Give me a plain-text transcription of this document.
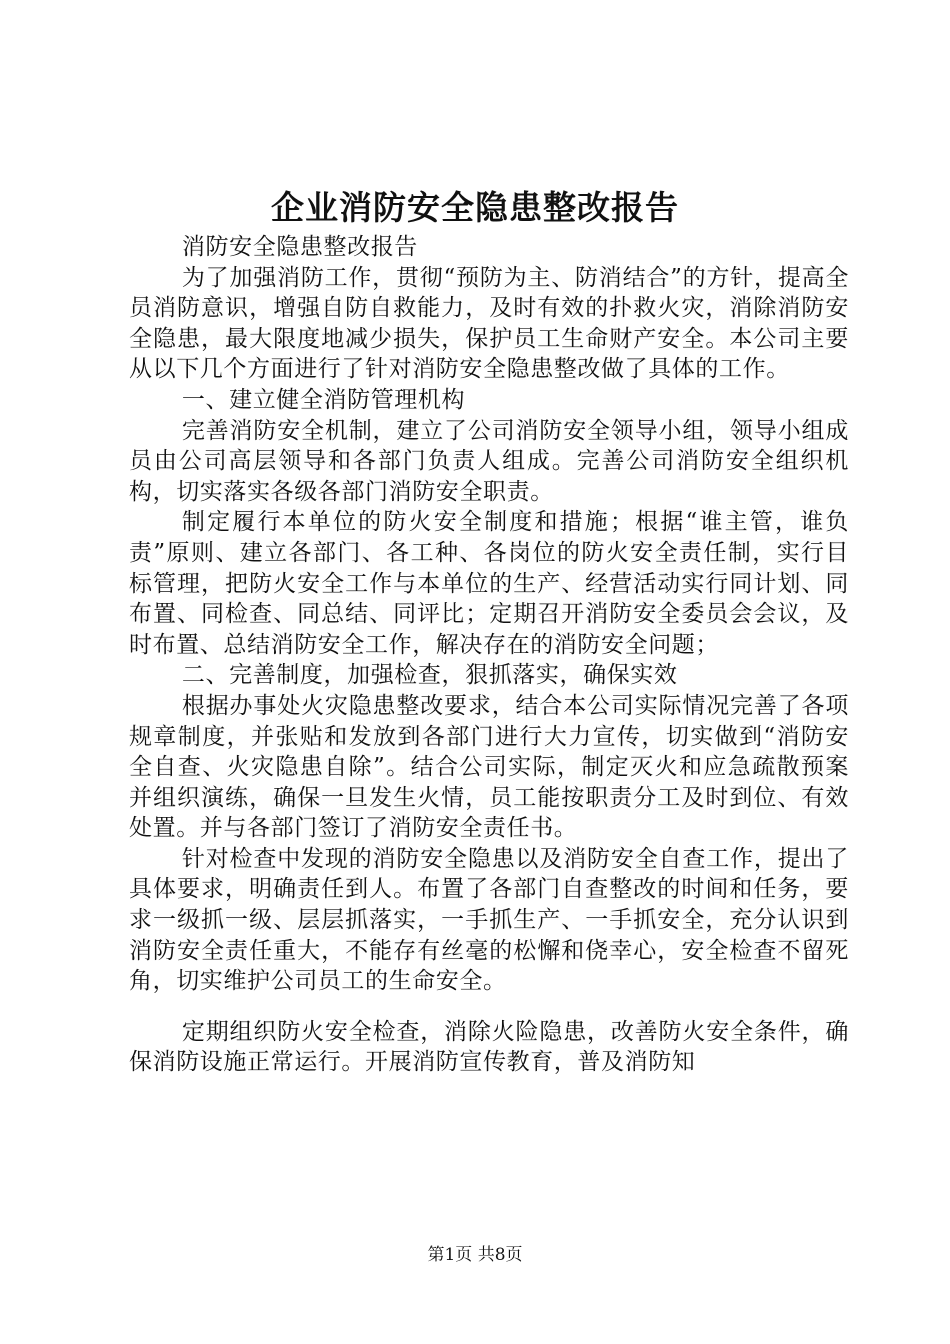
企业消防安全隐患整改报告

消防安全隐患整改报告

为了加强消防工作，贯彻“预防为主、防消结合”的方针，提高全员消防意识，增强自防自救能力，及时有效的扑救火灾，消除消防安全隐患，最大限度地减少损失，保护员工生命财产安全。本公司主要从以下几个方面进行了针对消防安全隐患整改做了具体的工作。

一、建立健全消防管理机构

完善消防安全机制，建立了公司消防安全领导小组，领导小组成员由公司高层领导和各部门负责人组成。完善公司消防安全组织机构，切实落实各级各部门消防安全职责。

制定履行本单位的防火安全制度和措施；根据“谁主管，谁负责”原则、建立各部门、各工种、各岗位的防火安全责任制，实行目标管理，把防火安全工作与本单位的生产、经营活动实行同计划、同布置、同检查、同总结、同评比；定期召开消防安全委员会会议，及时布置、总结消防安全工作，解决存在的消防安全问题；

二、完善制度，加强检查，狠抓落实，确保实效

根据办事处火灾隐患整改要求，结合本公司实际情况完善了各项规章制度，并张贴和发放到各部门进行大力宣传，切实做到“消防安全自查、火灾隐患自除”。结合公司实际，制定灭火和应急疏散预案并组织演练，确保一旦发生火情，员工能按职责分工及时到位、有效处置。并与各部门签订了消防安全责任书。

针对检查中发现的消防安全隐患以及消防安全自查工作，提出了具体要求，明确责任到人。布置了各部门自查整改的时间和任务，要求一级抓一级、层层抓落实，一手抓生产、一手抓安全，充分认识到消防安全责任重大，不能存有丝毫的松懈和侥幸心，安全检查不留死角，切实维护公司员工的生命安全。

定期组织防火安全检查，消除火险隐患，改善防火安全条件，确保消防设施正常运行。开展消防宣传教育，普及消防知

第1页 共8页
